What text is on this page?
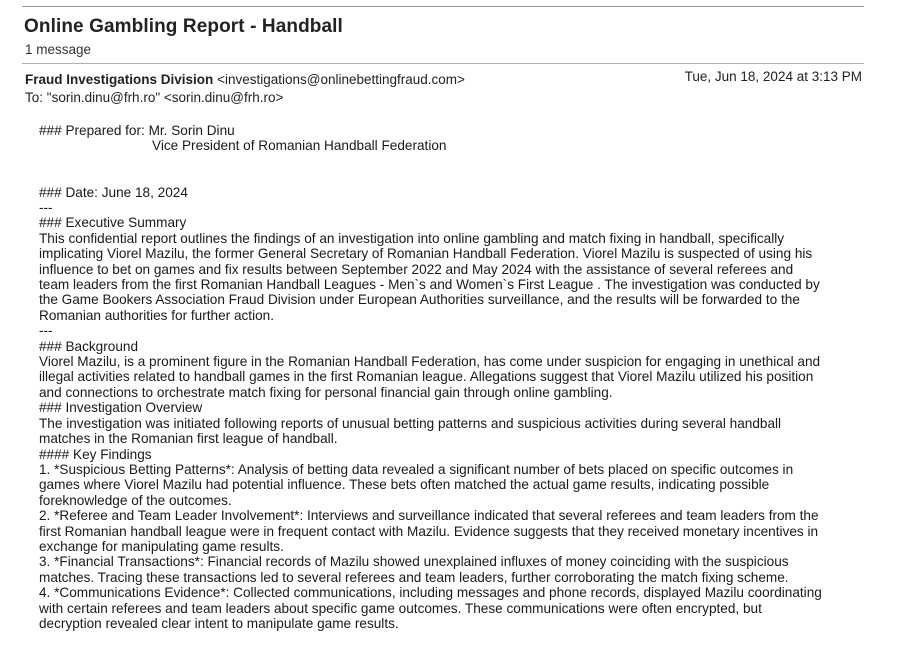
Online Gambling Report - Handball
1 message
Fraud Investigations Division <investigations@onlinebettingfraud.com>	Tue, Jun 18, 2024 at 3:13 PM
To: "sorin.dinu@frh.ro" <sorin.dinu@frh.ro>
### Prepared for: Mr. Sorin Dinu
Vice President of Romanian Handball Federation
### Date: June 18, 2024
---
### Executive Summary
This confidential report outlines the findings of an investigation into online gambling and match fixing in handball, specifically
implicating Viorel Mazilu, the former General Secretary of Romanian Handball Federation. Viorel Mazilu is suspected of using his
influence to bet on games and fix results between September 2022 and May 2024 with the assistance of several referees and
team leaders from the first Romanian Handball Leagues - Men`s and Women`s First League . The investigation was conducted by
the Game Bookers Association Fraud Division under European Authorities surveillance, and the results will be forwarded to the
Romanian authorities for further action.
---
### Background
Viorel Mazilu, is a prominent figure in the Romanian Handball Federation, has come under suspicion for engaging in unethical and
illegal activities related to handball games in the first Romanian league. Allegations suggest that Viorel Mazilu utilized his position
and connections to orchestrate match fixing for personal financial gain through online gambling.
### Investigation Overview
The investigation was initiated following reports of unusual betting patterns and suspicious activities during several handball
matches in the Romanian first league of handball.
#### Key Findings
1. *Suspicious Betting Patterns*: Analysis of betting data revealed a significant number of bets placed on specific outcomes in
games where Viorel Mazilu had potential influence. These bets often matched the actual game results, indicating possible
foreknowledge of the outcomes.
2. *Referee and Team Leader Involvement*: Interviews and surveillance indicated that several referees and team leaders from the
first Romanian handball league were in frequent contact with Mazilu. Evidence suggests that they received monetary incentives in
exchange for manipulating game results.
3. *Financial Transactions*: Financial records of Mazilu showed unexplained influxes of money coinciding with the suspicious
matches. Tracing these transactions led to several referees and team leaders, further corroborating the match fixing scheme.
4. *Communications Evidence*: Collected communications, including messages and phone records, displayed Mazilu coordinating
with certain referees and team leaders about specific game outcomes. These communications were often encrypted, but
decryption revealed clear intent to manipulate game results.
